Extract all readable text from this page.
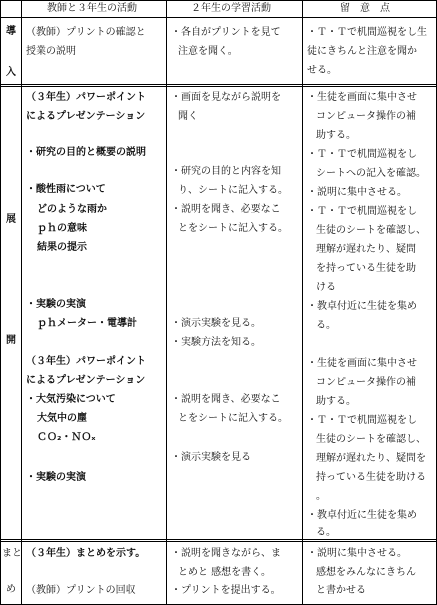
教師と３年生の活動	２年生の学習活動	留　意　点
導
入
（教師）プリントの確認と
授業の説明
・各自がプリントを見て
注意を聞く。
・Ｔ・Ｔで机間巡視をし生
徒にきちんと注意を聞か
せる。
展
開
（３年生）パワーポイント
によるプレゼンテーション
・研究の目的と概要の説明
・酸性雨について
どのような雨か
ｐｈの意味
結果の提示
・実験の実演
ｐｈメーター・電導計
（３年生）パワーポイント
によるプレゼンテーション
・大気汚染について
大気中の塵
ＣＯ₂・ＮＯₓ
・実験の実演
・画面を見ながら説明を
聞く
・研究の目的と内容を知
り、シートに記入する。
・説明を聞き、必要なこ
とをシートに記入する。
・演示実験を見る。
・実験方法を知る。
・説明を聞き、必要なこ
とをシートに記入する。
・演示実験を見る
・生徒を画面に集中させ
コンピュータ操作の補
助する。
・Ｔ・Ｔで机間巡視をし
シートへの記入を確認。
・説明に集中させる。
・Ｔ・Ｔで机間巡視をし
生徒のシートを確認し、
理解が遅れたり、疑問
を持っている生徒を助
ける
・教卓付近に生徒を集め
る。
・生徒を画面に集中させ
コンピュータ操作の補
助する。
・Ｔ・Ｔで机間巡視をし
生徒のシートを確認し、
理解が遅れたり、疑問を
持っている生徒を助ける
。
・教卓付近に生徒を集め
る。
まと
め
（３年生）まとめを示す。
（教師）プリントの回収
・説明を聞きながら、ま
とめと 感想を書く。
・プリントを提出する。
・説明に集中させる。
感想をみんなにきちん
と書かせる
